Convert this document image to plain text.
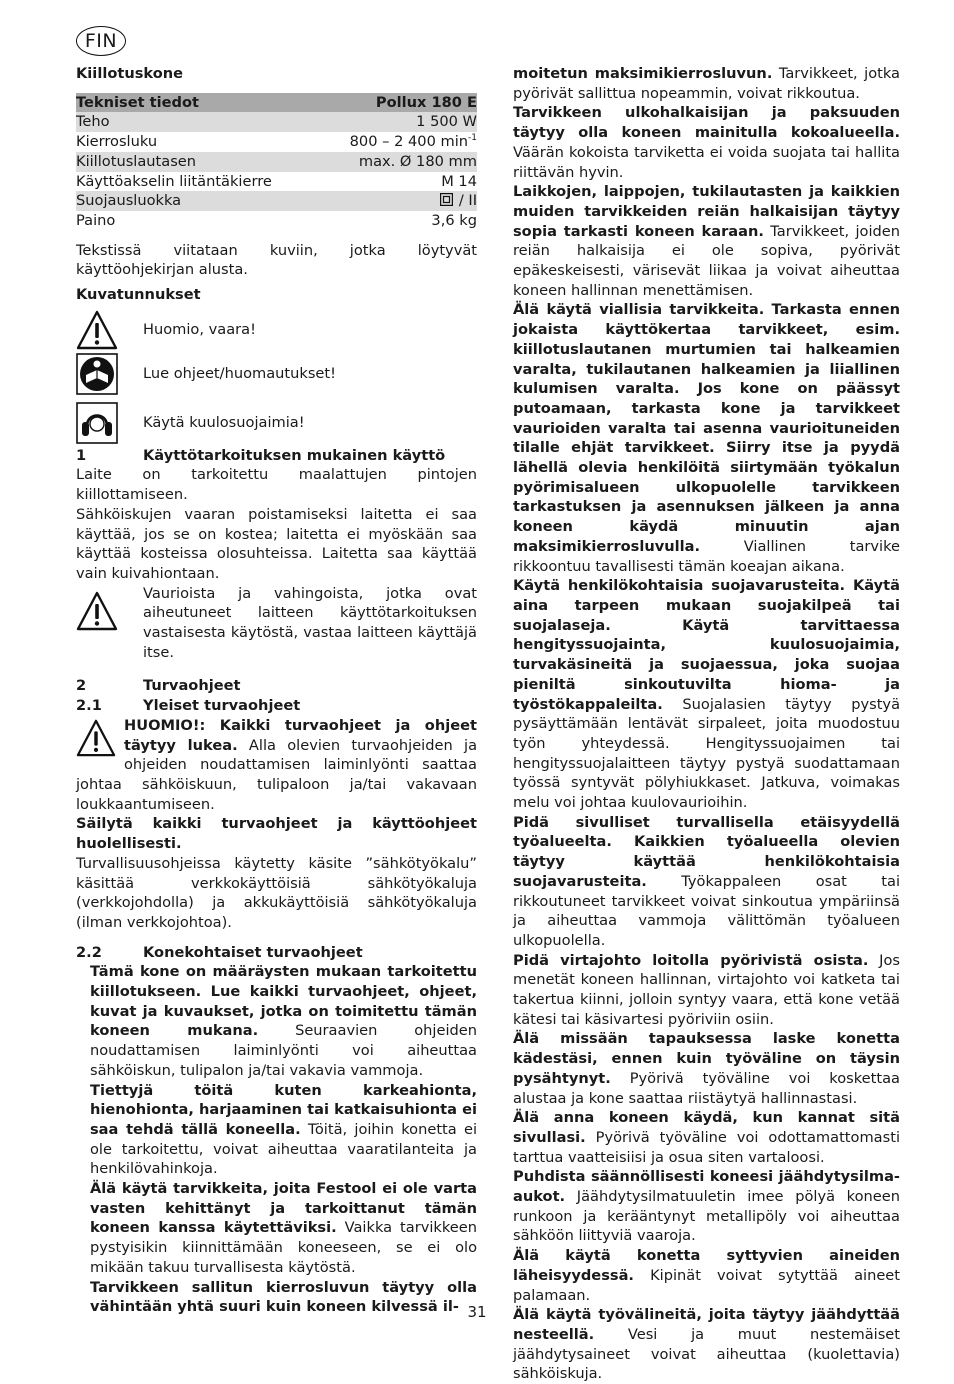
FIN
Kiillotuskone
Tekniset tiedot	Pollux 180 E
Teho	1 500 W
Kierrosluku	800 – 2 400 $\min^{-1}$
Kiillotuslautasen	max. Ø 180 mm
Käyttöakselin liitäntäkierre	M 14
Suojausluokka	/ II
Paino	3,6 kg

Tekstissä viitataan kuviin, jotka löytyvät käyttöohjekirjan alusta.

Kuvatunnukset
Huomio, vaara!
Lue ohjeet/huomautukset!
Käytä kuulosuojaimia!
1	Käyttötarkoituksen mukainen käyttö

Laite on tarkoitettu maalattujen pintojen kiillottamiseen.

Sähköiskujen vaaran poistamiseksi laitetta ei saa käyttää, jos se on kostea; laitetta ei myöskään saa käyttää kosteissa olosuhteissa. Laitetta saa käyttää vain kuivahiontaan.

Vaurioista ja vahingoista, jotka ovat aiheutuneet laitteen käyttötarkoituksen vastaisesta käytöstä, vastaa laitteen käyttäjä itse.

2	Turvaohjeet
2.1	Yleiset turvaohjeet

HUOMIO!: Kaikki turvaohjeet ja ohjeet täytyy lukea. Alla olevien turvaohjeiden ja ohjeiden noudattamisen laiminlyönti saattaa johtaa sähköiskuun, tulipaloon ja/tai vakavaan loukkaantumiseen.

Säilytä kaikki turvaohjeet ja käyttöohjeet huolellisesti.

Turvallisuusohjeissa käytetty käsite ”sähkötyökalu” käsittää verkkokäyttöisiä sähkötyökaluja (verkkojohdolla) ja akkukäyttöisiä sähkötyökaluja (ilman verkkojohtoa).

2.2	Konekohtaiset turvaohjeet

Tämä kone on määräysten mukaan tarkoitettu kiillotukseen. Lue kaikki turvaohjeet, ohjeet, kuvat ja kuvaukset, jotka on toimitettu tämän koneen mukana.	Seuraavien ohjeiden noudattamisen laiminlyönti voi aiheuttaa sähköiskun, tulipalon ja/tai vakavia vammoja.

Tiettyjä töitä kuten karkeahionta, hienohionta, harjaaminen tai katkaisuhionta ei saa tehdä tällä koneella. Töitä, joihin konetta ei ole tarkoitettu, voivat aiheuttaa vaaratilanteita ja henkilövahinkoja.

Älä käytä tarvikkeita, joita Festool ei ole varta vasten kehittänyt ja tarkoittanut tämän koneen kanssa käytettäviksi. Vaikka tarvikkeen pystyisikin kiinnittämään koneeseen, se ei olo mikään takuu turvallisesta käytöstä.

Tarvikkeen sallitun kierrosluvun täytyy olla vähintään yhtä suuri kuin koneen kilvessä il-

moitetun maksimikierrosluvun. Tarvikkeet, jotka pyörivät sallittua nopeammin, voivat rikkoutua.

Tarvikkeen ulkohalkaisijan ja paksuuden täytyy olla koneen mainitulla kokoalueella. Väärän kokoista tarviketta ei voida suojata tai hallita riittävän hyvin.

Laikkojen, laippojen, tukilautasten ja kaikkien muiden tarvikkeiden reiän halkaisijan täytyy sopia tarkasti koneen karaan. Tarvikkeet, joiden reiän halkaisija ei ole sopiva, pyörivät epäkeskeisesti, värisevät liikaa ja voivat aiheuttaa koneen hallinnan menettämisen.

Älä käytä viallisia tarvikkeita. Tarkasta ennen jokaista käyttökertaa tarvikkeet, esim. kiillotuslautanen murtumien tai halkeamien varalta, tukilautanen halkeamien ja liiallinen kulumisen varalta. Jos kone on päässyt putoamaan, tarkasta kone ja tarvikkeet vaurioiden varalta tai asenna vaurioituneiden tilalle ehjät tarvikkeet. Siirry itse ja pyydä lähellä olevia henkilöitä siirtymään työkalun pyörimisalueen ulkopuolelle tarvikkeen tarkastuksen ja asennuksen jälkeen ja anna koneen käydä minuutin ajan maksimikierrosluvulla.	Viallinen tarvike rikkoontuu tavallisesti tämän koeajan aikana.

Käytä henkilökohtaisia suojavarusteita. Käytä aina tarpeen mukaan suojakilpeä tai suojalaseja. Käytä tarvittaessa hengityssuojainta, kuulosuojaimia, turvakäsineitä ja suojaessua, joka suojaa pieniltä sinkoutuvilta hioma- ja työstökappaleilta. Suojalasien täytyy pystyä pysäyttämään lentävät sirpaleet, joita muodostuu työn yhteydessä. Hengityssuojaimen tai hengityssuojalaitteen täytyy pystyä suodattamaan työssä syntyvät pölyhiukkaset. Jatkuva, voimakas melu voi johtaa kuulovaurioihin.

Pidä sivulliset turvallisella etäisyydellä työalueelta. Kaikkien työalueella olevien täytyy käyttää henkilökohtaisia suojavarusteita. Työkappaleen osat tai rikkoutuneet tarvikkeet voivat sinkoutua ympäriinsä ja aiheuttaa vammoja välittömän työalueen ulkopuolella.

Pidä virtajohto loitolla pyörivistä osista. Jos menetät koneen hallinnan, virtajohto voi katketa tai takertua kiinni, jolloin syntyy vaara, että kone vetää kätesi tai käsivartesi pyöriviin osiin.

Älä missään tapauksessa laske konetta kädestäsi, ennen kuin työväline on täysin pysähtynyt. Pyörivä työväline voi koskettaa alustaa ja kone saattaa riistäytyä hallinnastasi.

Älä anna koneen käydä, kun kannat sitä sivullasi. Pyörivä työväline voi odottamattomasti tarttua vaatteisiisi ja osua siten vartaloosi.

Puhdista säännöllisesti koneesi jäähdytysilma-aukot. Jäähdytysilmatuuletin imee pölyä koneen runkoon ja kerääntynyt metallipöly voi aiheuttaa sähköön liittyviä vaaroja.

Älä käytä konetta syttyvien aineiden läheisyydessä. Kipinät voivat sytyttää aineet palamaan.

Älä käytä työvälineitä, joita täytyy jäähdyttää nesteellä. Vesi ja muut nestemäiset jäähdytysaineet voivat aiheuttaa (kuolettavia) sähköiskuja.

31
